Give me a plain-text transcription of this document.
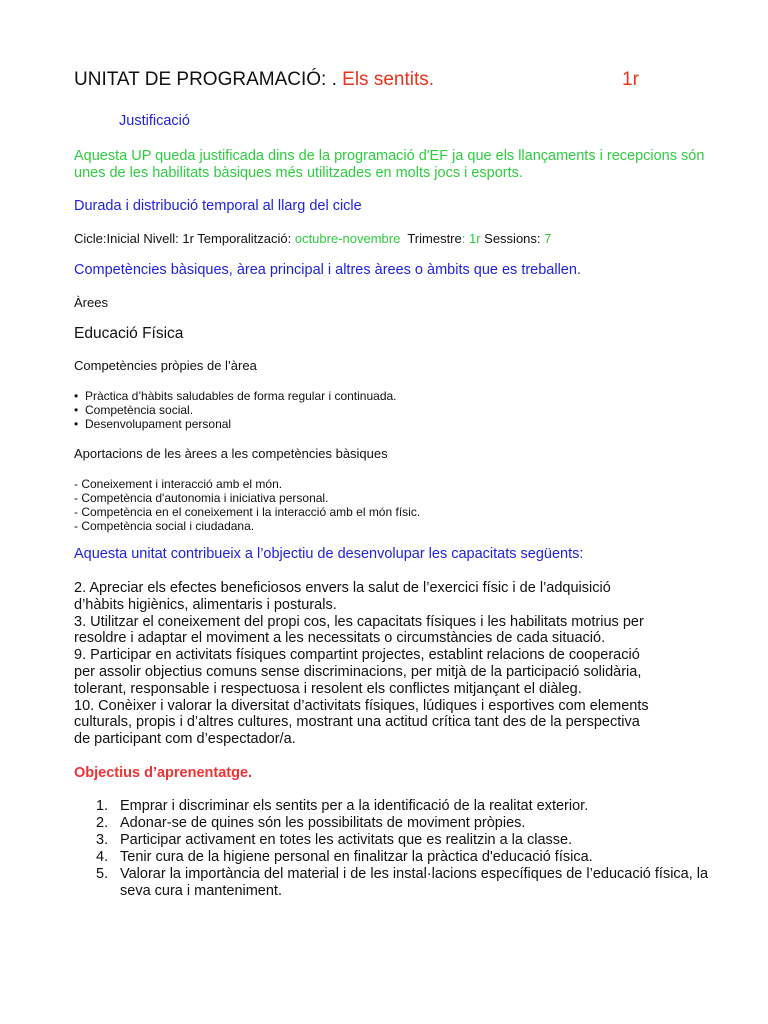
UNITAT DE PROGRAMACIÓ: . Els sentits.	1r
Justificació
Aquesta UP queda justificada dins de la programació d'EF ja que els llançaments i recepcions són unes de les habilitats bàsiques més utilitzades en molts jocs i esports.
Durada i distribució temporal al llarg del cicle
Cicle:Inicial Nivell: 1r Temporalització: octubre-novembre  Trimestre: 1r Sessions: 7
Competències bàsiques, àrea principal i altres àrees o àmbits que es treballen.
Àrees
Educació Física
Competències pròpies de l’àrea
• Pràctica d’hàbits saludables de forma regular i continuada.
• Competència social.
• Desenvolupament personal
Aportacions de les àrees a les competències bàsiques
- Coneixement i interacció amb el món.
- Competència d'autonomia i iniciativa personal.
- Competència en el coneixement i la interacció amb el món físic.
- Competència social i ciudadana.
Aquesta unitat contribueix a l’objectiu de desenvolupar les capacitats següents:
2. Apreciar els efectes beneficiosos envers la salut de l’exercici físic i de l’adquisició
d’hàbits higiènics, alimentaris i posturals.
3. Utilitzar el coneixement del propi cos, les capacitats físiques i les habilitats motrius per
resoldre i adaptar el moviment a les necessitats o circumstàncies de cada situació.
9. Participar en activitats físiques compartint projectes, establint relacions de cooperació
per assolir objectius comuns sense discriminacions, per mitjà de la participació solidària,
tolerant, responsable i respectuosa i resolent els conflictes mitjançant el diàleg.
10. Conèixer i valorar la diversitat d’activitats físiques, lúdiques i esportives com elements
culturals, propis i d’altres cultures, mostrant una actitud crítica tant des de la perspectiva
de participant com d’espectador/a.
Objectius d’aprenentatge.
1. Emprar i discriminar els sentits per a la identificació de la realitat exterior.
2. Adonar-se de quines són les possibilitats de moviment pròpies.
3. Participar activament en totes les activitats que es realitzin a la classe.
4. Tenir cura de la higiene personal en finalitzar la pràctica d'educació física.
5. Valorar la importància del material i de les instal·lacions específiques de l’educació física, la seva cura i manteniment.
